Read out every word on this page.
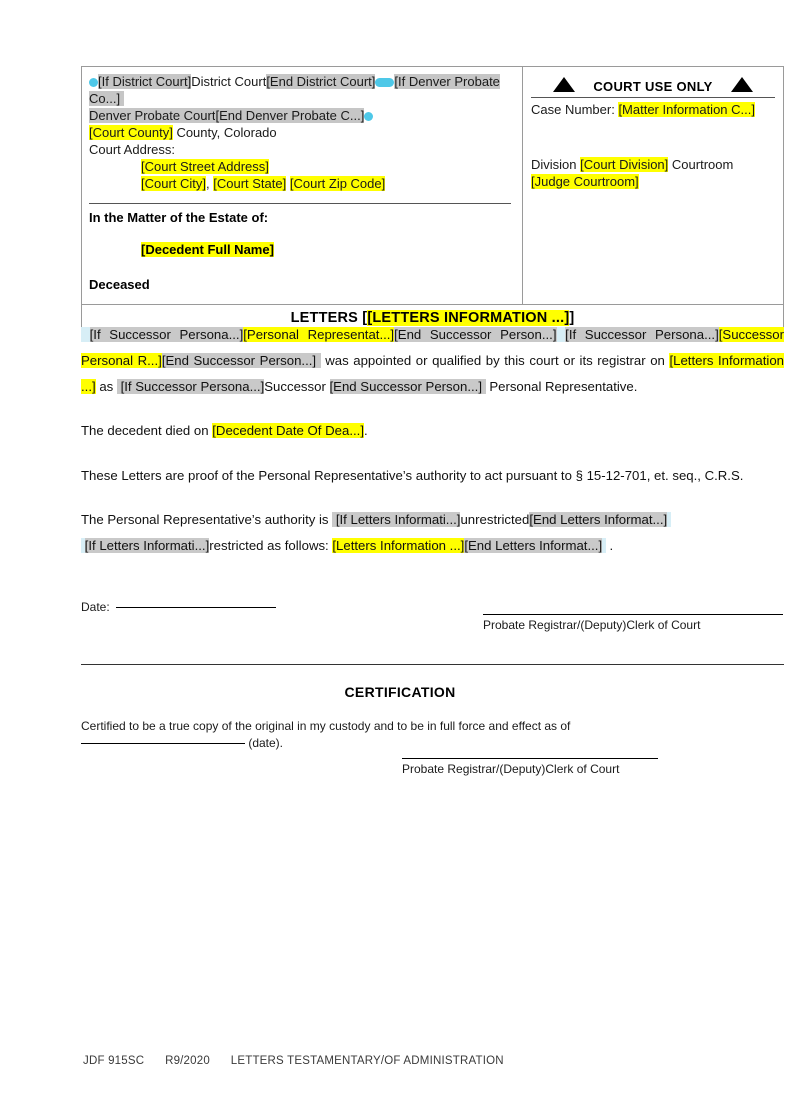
[If District Court]District Court[End District Court] [If Denver Probate Co...]
Denver Probate Court[End Denver Probate C...]
[Court County] County, Colorado
Court Address:
[Court Street Address]
[Court City], [Court State] [Court Zip Code]
In the Matter of the Estate of:
[Decedent Full Name]
Deceased
COURT USE ONLY
Case Number: [Matter Information C...]
Division [Court Division] Courtroom
[Judge Courtroom]
LETTERS [[LETTERS INFORMATION ...]]
[If Successor Persona...][Personal Representat...][End Successor Person...] [If Successor Persona...][Successor Personal R...][End Successor Person...]  was appointed or qualified by this court or its registrar on [Letters Information ...] as  [If Successor Persona...]Successor [End Successor Person...]  Personal Representative.
The decedent died on [Decedent Date Of Dea...].
These Letters are proof of the Personal Representative’s authority to act pursuant to § 15-12-701, et. seq., C.R.S.
The Personal Representative’s authority is  [If Letters Informati...]unrestricted[End Letters Informat...]
[If Letters Informati...]restricted as follows: [Letters Information ...][End Letters Informat...]  .
Date:
Probate Registrar/(Deputy)Clerk of Court
CERTIFICATION
Certified to be a true copy of the original in my custody and to be in full force and effect as of
(date).
Probate Registrar/(Deputy)Clerk of Court
JDF 915SC R9/2020 LETTERS TESTAMENTARY/OF ADMINISTRATION
